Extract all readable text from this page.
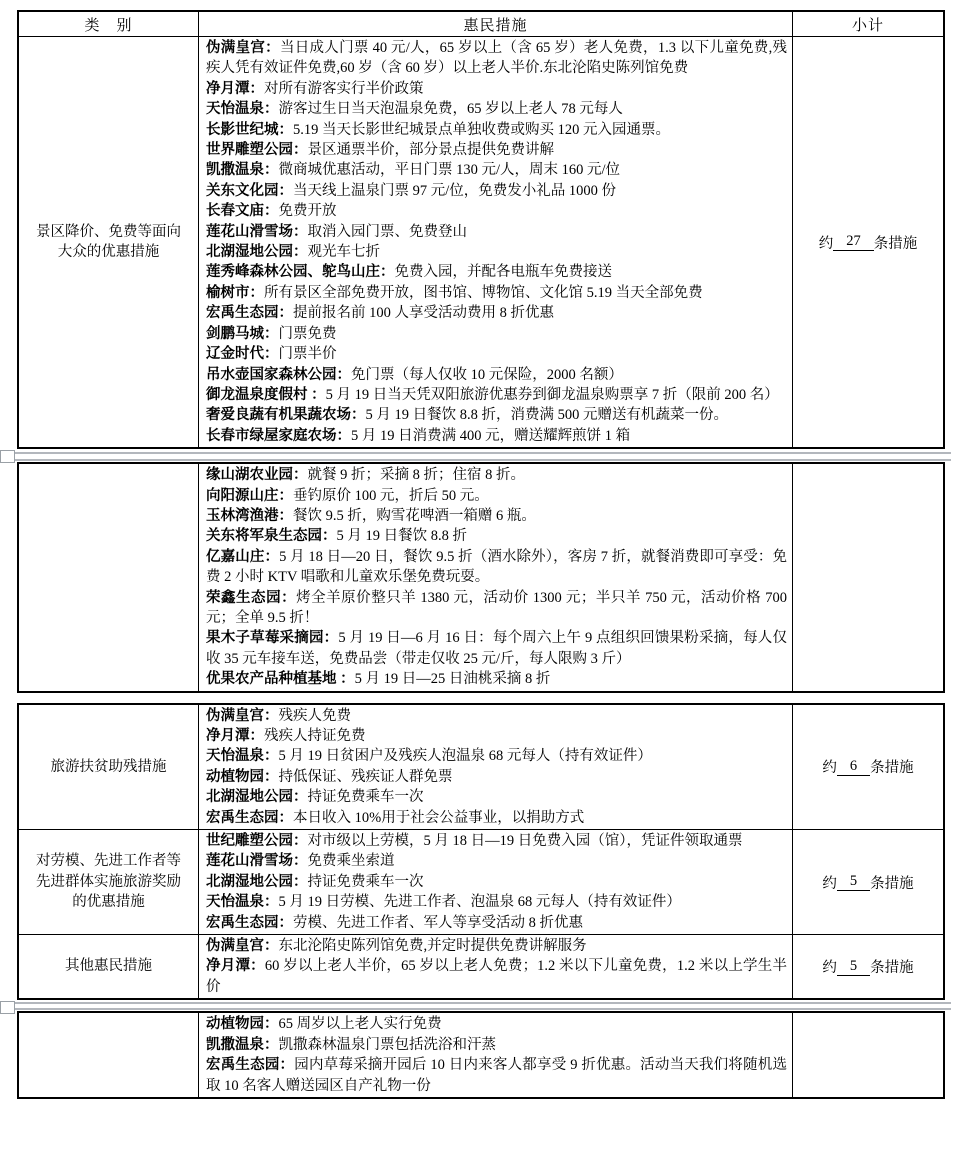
类　别	惠民措施	小计
景区降价、免费等面向大众的优惠措施
伪满皇宫：当日成人门票 40 元/人，65 岁以上（含 65 岁）老人免费，1.3 以下儿童免费,残疾人凭有效证件免费,60 岁（含 60 岁）以上老人半价.东北沦陷史陈列馆免费
净月潭：对所有游客实行半价政策
天怡温泉：游客过生日当天泡温泉免费，65 岁以上老人 78 元每人
长影世纪城：5.19 当天长影世纪城景点单独收费或购买 120 元入园通票。
世界雕塑公园：景区通票半价，部分景点提供免费讲解
凯撒温泉：微商城优惠活动，平日门票 130 元/人，周末 160 元/位
关东文化园：当天线上温泉门票 97 元/位，免费发小礼品 1000 份
长春文庙：免费开放
莲花山滑雪场：取消入园门票、免费登山
北湖湿地公园：观光车七折
莲秀峰森林公园、鸵鸟山庄：免费入园，并配各电瓶车免费接送
榆树市：所有景区全部免费开放，图书馆、博物馆、文化馆 5.19 当天全部免费
宏禹生态园：提前报名前 100 人享受活动费用 8 折优惠
剑鹏马城：门票免费
辽金时代：门票半价
吊水壶国家森林公园：免门票（每人仅收 10 元保险，2000 名额）
御龙温泉度假村 ：5 月 19 日当天凭双阳旅游优惠券到御龙温泉购票享 7 折（限前 200 名）
奢爱良蔬有机果蔬农场：5 月 19 日餐饮 8.8 折，消费满 500 元赠送有机蔬菜一份。
长春市绿屋家庭农场：5 月 19 日消费满 400 元，赠送耀辉煎饼 1 箱
约 27 条措施
缘山湖农业园：就餐 9 折；采摘 8 折；住宿 8 折。
向阳源山庄：垂钓原价 100 元，折后 50 元。
玉林湾渔港：餐饮 9.5 折，购雪花啤酒一箱赠 6 瓶。
关东将军泉生态园：5 月 19 日餐饮 8.8 折
亿嘉山庄：5 月 18 日—20 日，餐饮 9.5 折（酒水除外），客房 7 折，就餐消费即可享受：免费 2 小时 KTV 唱歌和儿童欢乐堡免费玩耍。
荣鑫生态园：烤全羊原价整只羊 1380 元，活动价 1300 元；半只羊 750 元，活动价格 700 元；全单 9.5 折！
果木子草莓采摘园：5 月 19 日—6 月 16 日：每个周六上午 9 点组织回馈果粉采摘，每人仅收 35 元车接车送，免费品尝（带走仅收 25 元/斤，每人限购 3 斤）
优果农产品种植基地 ：5 月 19 日—25 日油桃采摘 8 折
旅游扶贫助残措施
伪满皇宫：残疾人免费
净月潭：残疾人持证免费
天怡温泉：5 月 19 日贫困户及残疾人泡温泉 68 元每人（持有效证件）
动植物园：持低保证、残疾证人群免票
北湖湿地公园：持证免费乘车一次
宏禹生态园：本日收入 10%用于社会公益事业，以捐助方式
约 6 条措施
对劳模、先进工作者等先进群体实施旅游奖励的优惠措施
世纪雕塑公园：对市级以上劳模，5 月 18 日—19 日免费入园（馆），凭证件领取通票
莲花山滑雪场：免费乘坐索道
北湖湿地公园：持证免费乘车一次
天怡温泉：5 月 19 日劳模、先进工作者、泡温泉 68 元每人（持有效证件）
宏禹生态园：劳模、先进工作者、军人等享受活动 8 折优惠
约 5 条措施
其他惠民措施
伪满皇宫：东北沦陷史陈列馆免费,并定时提供免费讲解服务
净月潭：60 岁以上老人半价，65 岁以上老人免费；1.2 米以下儿童免费，1.2 米以上学生半价
约 5 条措施
动植物园：65 周岁以上老人实行免费
凯撒温泉：凯撒森林温泉门票包括洗浴和汗蒸
宏禹生态园：园内草莓采摘开园后 10 日内来客人都享受 9 折优惠。活动当天我们将随机选取 10 名客人赠送园区自产礼物一份
